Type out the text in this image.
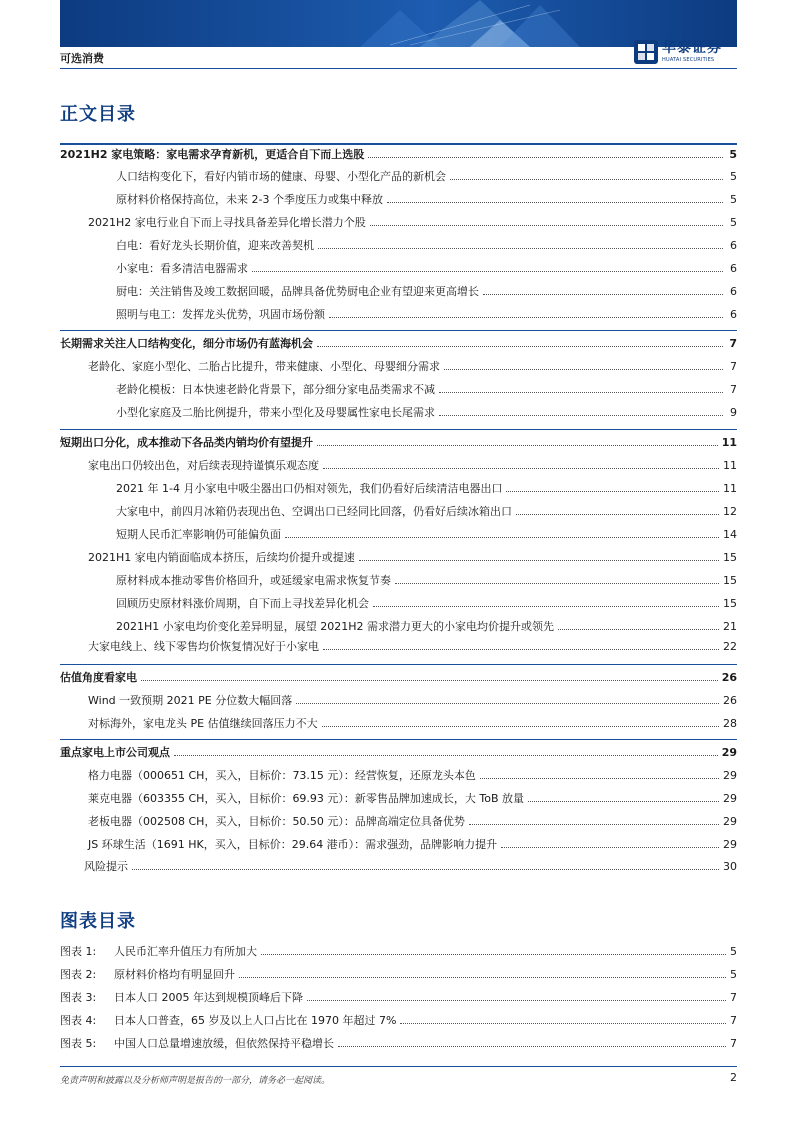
可选消费
华泰证券
HUATAI SECURITIES
正文目录
2021H2 家电策略：家电需求孕育新机，更适合自下而上选股	5
人口结构变化下，看好内销市场的健康、母婴、小型化产品的新机会	5
原材料价格保持高位，未来 2-3 个季度压力或集中释放	5
2021H2 家电行业自下而上寻找具备差异化增长潜力个股	5
白电：看好龙头长期价值，迎来改善契机	6
小家电：看多清洁电器需求	6
厨电：关注销售及竣工数据回暖，品牌具备优势厨电企业有望迎来更高增长	6
照明与电工：发挥龙头优势，巩固市场份额	6
长期需求关注人口结构变化，细分市场仍有蓝海机会	7
老龄化、家庭小型化、二胎占比提升，带来健康、小型化、母婴细分需求	7
老龄化模板：日本快速老龄化背景下，部分细分家电品类需求不减	7
小型化家庭及二胎比例提升，带来小型化及母婴属性家电长尾需求	9
短期出口分化，成本推动下各品类内销均价有望提升	11
家电出口仍较出色，对后续表现持谨慎乐观态度	11
2021 年 1-4 月小家电中吸尘器出口仍相对领先，我们仍看好后续清洁电器出口	11
大家电中，前四月冰箱仍表现出色、空调出口已经同比回落，仍看好后续冰箱出口	12
短期人民币汇率影响仍可能偏负面	14
2021H1 家电内销面临成本挤压，后续均价提升或提速	15
原材料成本推动零售价格回升，或延缓家电需求恢复节奏	15
回顾历史原材料涨价周期，自下而上寻找差异化机会	15
2021H1 小家电均价变化差异明显，展望 2021H2 需求潜力更大的小家电均价提升或领先	21
大家电线上、线下零售均价恢复情况好于小家电	22
估值角度看家电	26
Wind 一致预期 2021 PE 分位数大幅回落	26
对标海外，家电龙头 PE 估值继续回落压力不大	28
重点家电上市公司观点	29
格力电器（000651 CH，买入，目标价：73.15 元）：经营恢复，还原龙头本色	29
莱克电器（603355 CH，买入，目标价：69.93 元）：新零售品牌加速成长，大 ToB 放量	29
老板电器（002508 CH，买入，目标价：50.50 元）：品牌高端定位具备优势	29
JS 环球生活（1691 HK，买入，目标价：29.64 港币）：需求强劲，品牌影响力提升	29
风险提示	30
图表目录
图表 1:	人民币汇率升值压力有所加大	5
图表 2:	原材料价格均有明显回升	5
图表 3:	日本人口 2005 年达到规模顶峰后下降	7
图表 4:	日本人口普查，65 岁及以上人口占比在 1970 年超过 7%	7
图表 5:	中国人口总量增速放缓，但依然保持平稳增长	7
免责声明和披露以及分析师声明是报告的一部分，请务必一起阅读。	2
